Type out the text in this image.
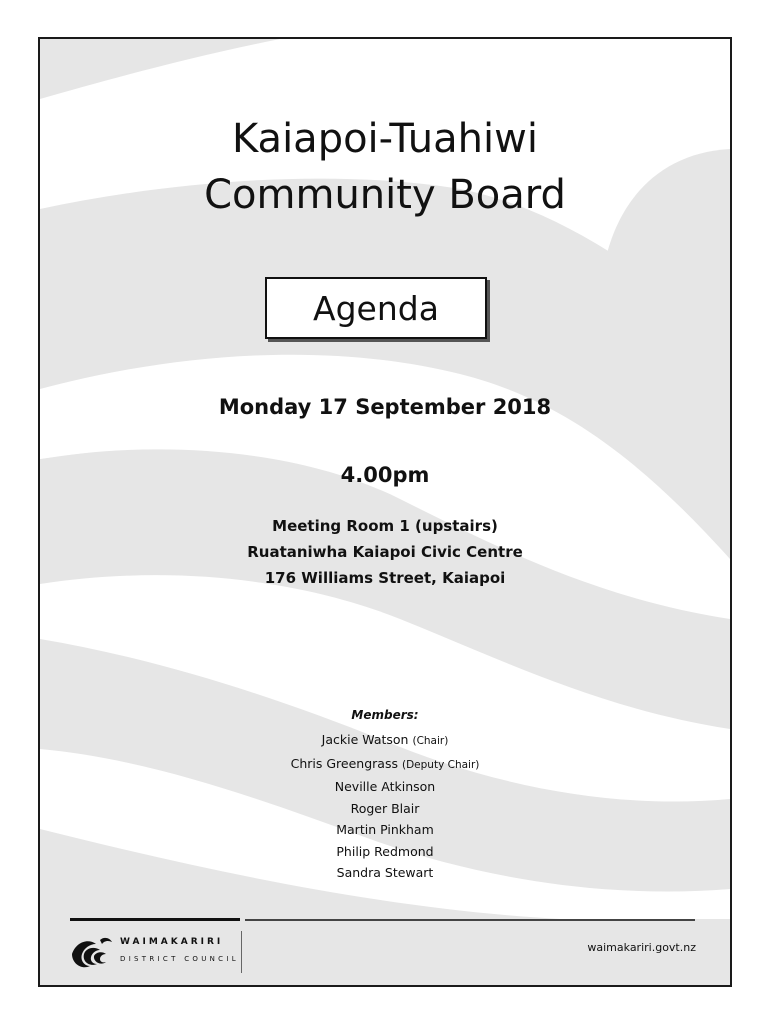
Kaiapoi-Tuahiwi
Community Board
Agenda
Monday 17 September 2018
4.00pm
Meeting Room 1 (upstairs)
Ruataniwha Kaiapoi Civic Centre
176 Williams Street, Kaiapoi
Members:
Jackie Watson (Chair)
Chris Greengrass (Deputy Chair)
Neville Atkinson
Roger Blair
Martin Pinkham
Philip Redmond
Sandra Stewart
WAIMAKARIRI
DISTRICT COUNCIL
waimakariri.govt.nz
